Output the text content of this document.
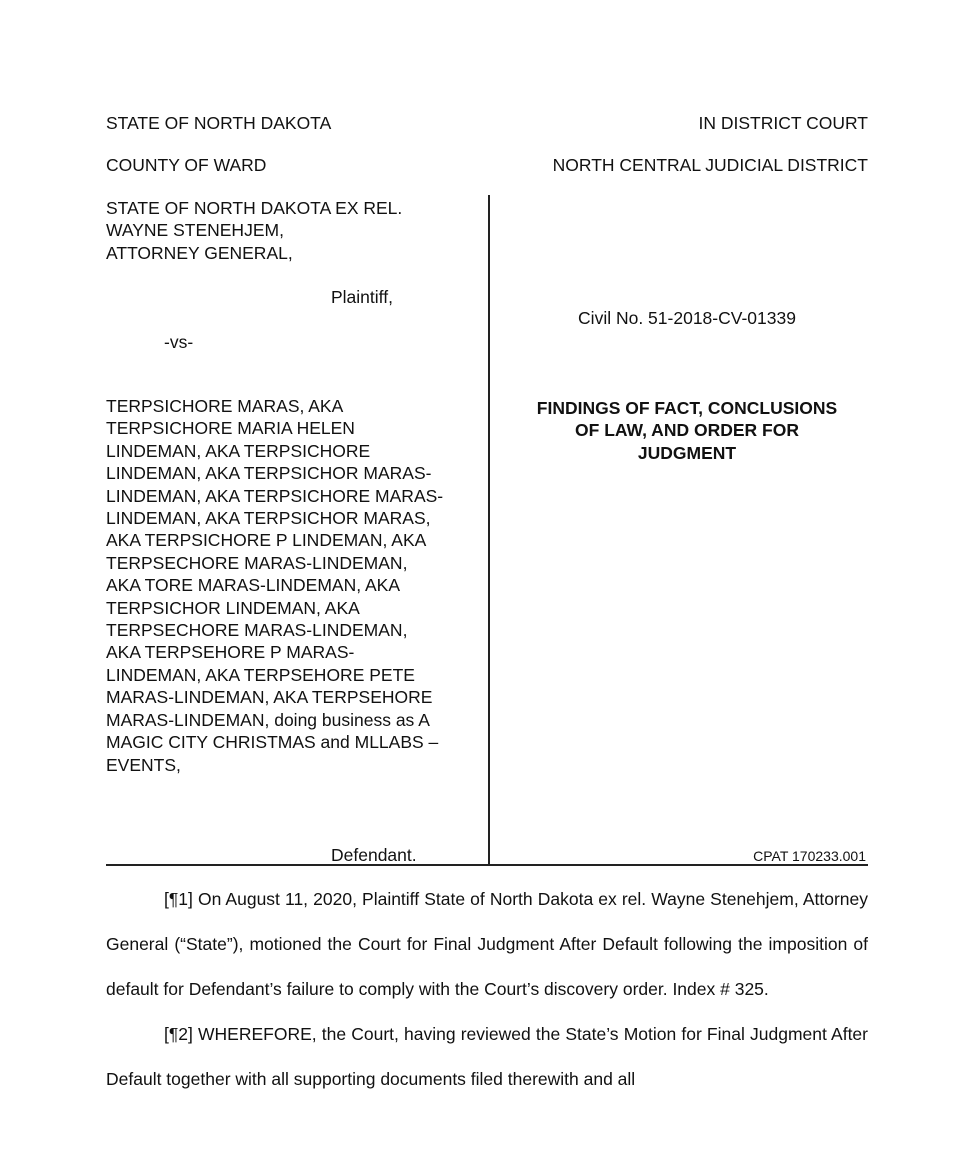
STATE OF NORTH DAKOTA	IN DISTRICT COURT
COUNTY OF WARD	NORTH CENTRAL JUDICIAL DISTRICT
STATE OF NORTH DAKOTA EX REL.
WAYNE STENEHJEM,
ATTORNEY GENERAL,
Plaintiff,
-vs-
TERPSICHORE MARAS, AKA
TERPSICHORE MARIA HELEN
LINDEMAN, AKA TERPSICHORE
LINDEMAN, AKA TERPSICHOR MARAS-
LINDEMAN, AKA TERPSICHORE MARAS-
LINDEMAN, AKA TERPSICHOR MARAS,
AKA TERPSICHORE P LINDEMAN, AKA
TERPSECHORE MARAS-LINDEMAN,
AKA TORE MARAS-LINDEMAN, AKA
TERPSICHOR LINDEMAN, AKA
TERPSECHORE MARAS-LINDEMAN,
AKA TERPSEHORE P MARAS-
LINDEMAN, AKA TERPSEHORE PETE
MARAS-LINDEMAN, AKA TERPSEHORE
MARAS-LINDEMAN, doing business as A
MAGIC CITY CHRISTMAS and MLLABS –
EVENTS,
Defendant.
Civil No. 51-2018-CV-01339
FINDINGS OF FACT, CONCLUSIONS
OF LAW, AND ORDER FOR
JUDGMENT
CPAT 170233.001

[¶1] On August 11, 2020, Plaintiff State of North Dakota ex rel. Wayne Stenehjem, Attorney General (“State”), motioned the Court for Final Judgment After Default following the imposition of default for Defendant’s failure to comply with the Court’s discovery order. Index # 325.

[¶2] WHEREFORE, the Court, having reviewed the State’s Motion for Final Judgment After Default together with all supporting documents filed therewith and all
